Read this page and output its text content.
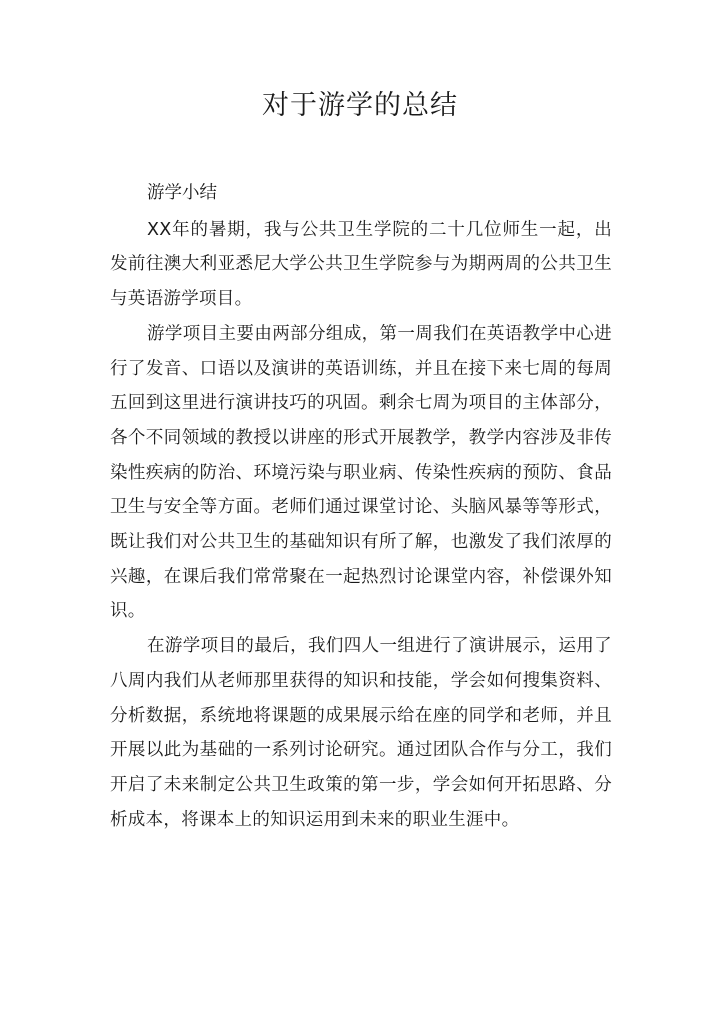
对于游学的总结

游学小结

XX年的暑期，我与公共卫生学院的二十几位师生一起，出发前往澳大利亚悉尼大学公共卫生学院参与为期两周的公共卫生与英语游学项目。

游学项目主要由两部分组成，第一周我们在英语教学中心进行了发音、口语以及演讲的英语训练，并且在接下来七周的每周五回到这里进行演讲技巧的巩固。剩余七周为项目的主体部分，各个不同领域的教授以讲座的形式开展教学，教学内容涉及非传染性疾病的防治、环境污染与职业病、传染性疾病的预防、食品卫生与安全等方面。老师们通过课堂讨论、头脑风暴等等形式，既让我们对公共卫生的基础知识有所了解，也激发了我们浓厚的兴趣，在课后我们常常聚在一起热烈讨论课堂内容，补偿课外知识。

在游学项目的最后，我们四人一组进行了演讲展示，运用了八周内我们从老师那里获得的知识和技能，学会如何搜集资料、分析数据，系统地将课题的成果展示给在座的同学和老师，并且开展以此为基础的一系列讨论研究。通过团队合作与分工，我们开启了未来制定公共卫生政策的第一步，学会如何开拓思路、分析成本，将课本上的知识运用到未来的职业生涯中。
